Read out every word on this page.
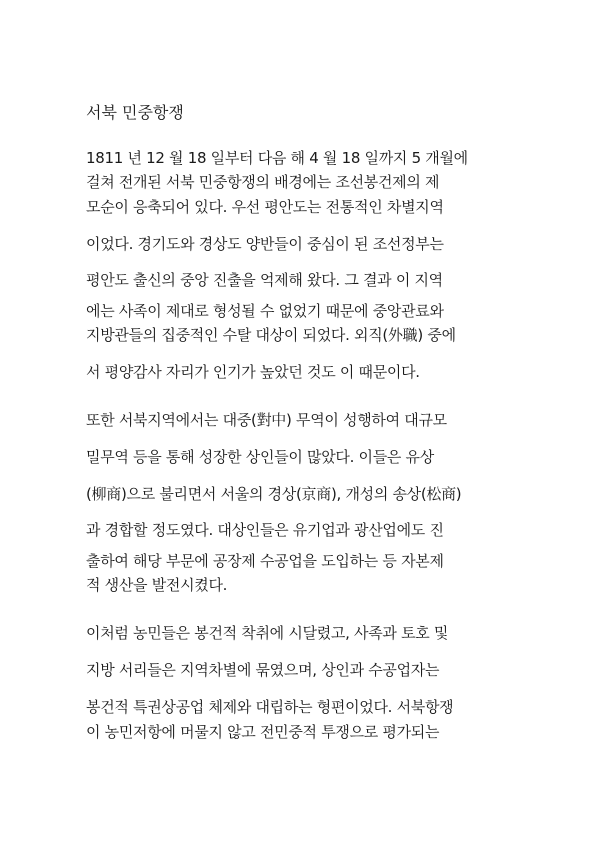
서북 민중항쟁
1811 년 12 월 18 일부터 다음 해 4 월 18 일까지 5 개월에
걸쳐 전개된 서북 민중항쟁의 배경에는 조선봉건제의 제
모순이 응축되어 있다. 우선 평안도는 전통적인 차별지역
이었다. 경기도와 경상도 양반들이 중심이 된 조선정부는
평안도 출신의 중앙 진출을 억제해 왔다. 그 결과 이 지역
에는 사족이 제대로 형성될 수 없었기 때문에 중앙관료와
지방관들의 집중적인 수탈 대상이 되었다. 외직(外職) 중에
서 평양감사 자리가 인기가 높았던 것도 이 때문이다.
또한 서북지역에서는 대중(對中) 무역이 성행하여 대규모
밀무역 등을 통해 성장한 상인들이 많았다. 이들은 유상
(柳商)으로 불리면서 서울의 경상(京商), 개성의 송상(松商)
과 경합할 정도였다. 대상인들은 유기업과 광산업에도 진
출하여 해당 부문에 공장제 수공업을 도입하는 등 자본제
적 생산을 발전시켰다.
이처럼 농민들은 봉건적 착취에 시달렸고, 사족과 토호 및
지방 서리들은 지역차별에 묶였으며, 상인과 수공업자는
봉건적 특권상공업 체제와 대립하는 형편이었다. 서북항쟁
이 농민저항에 머물지 않고 전민중적 투쟁으로 평가되는
